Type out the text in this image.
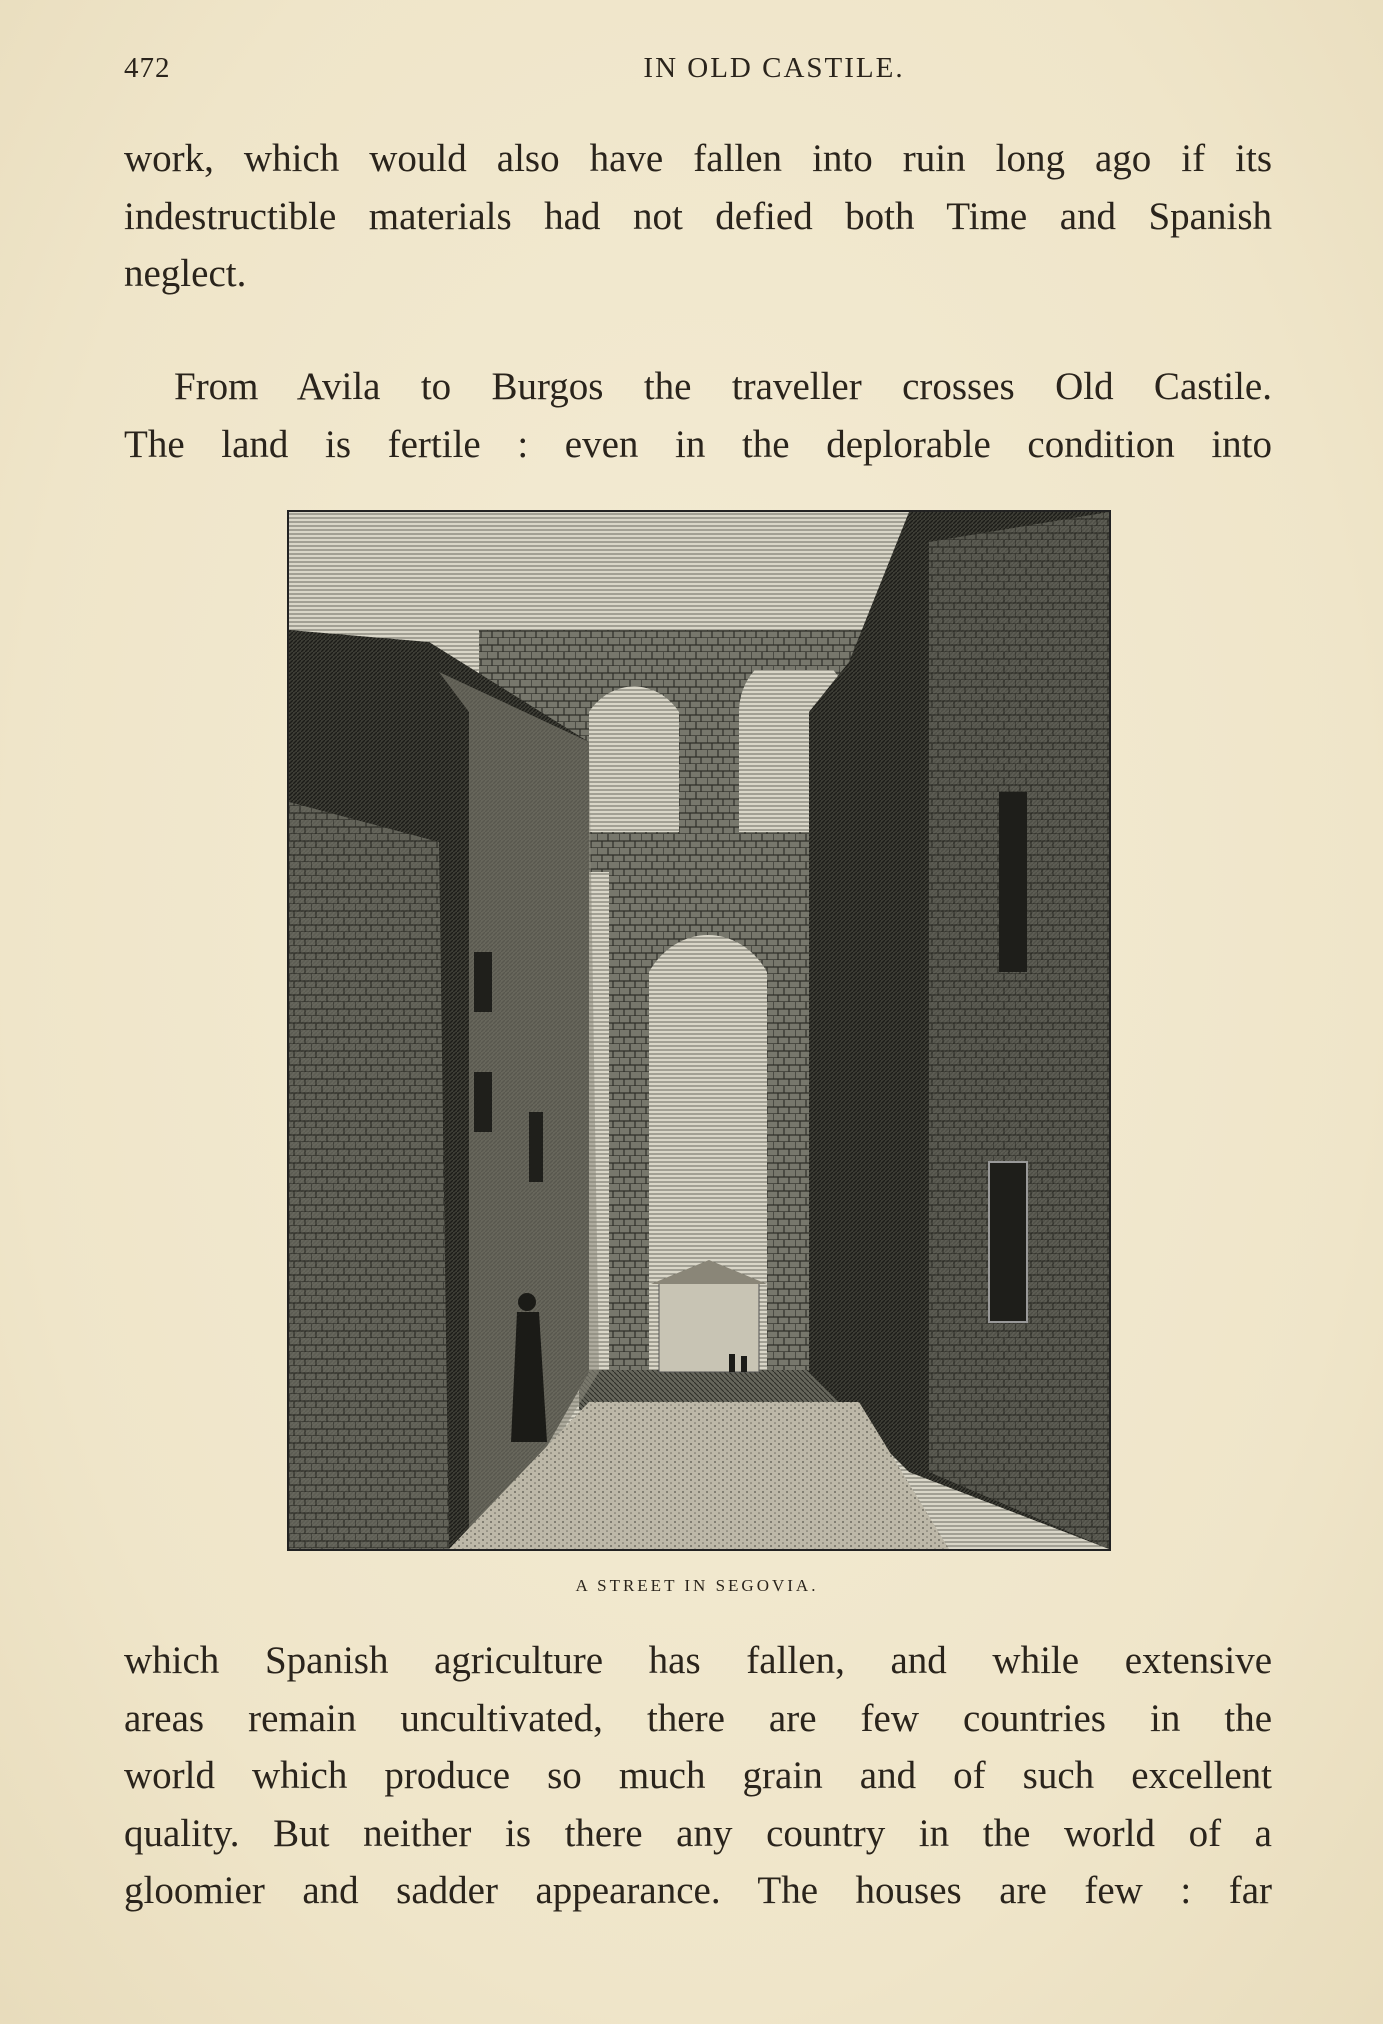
472	IN OLD CASTILE.
work, which would also have fallen into ruin long ago if its
indestructible materials had not defied both Time and Spanish
neglect.
From Avila to Burgos the traveller crosses Old Castile.
The land is fertile : even in the deplorable condition into
A STREET IN SEGOVIA.
which Spanish agriculture has fallen, and while extensive
areas remain uncultivated, there are few countries in the
world which produce so much grain and of such excellent
quality. But neither is there any country in the world of a
gloomier and sadder appearance. The houses are few : far
